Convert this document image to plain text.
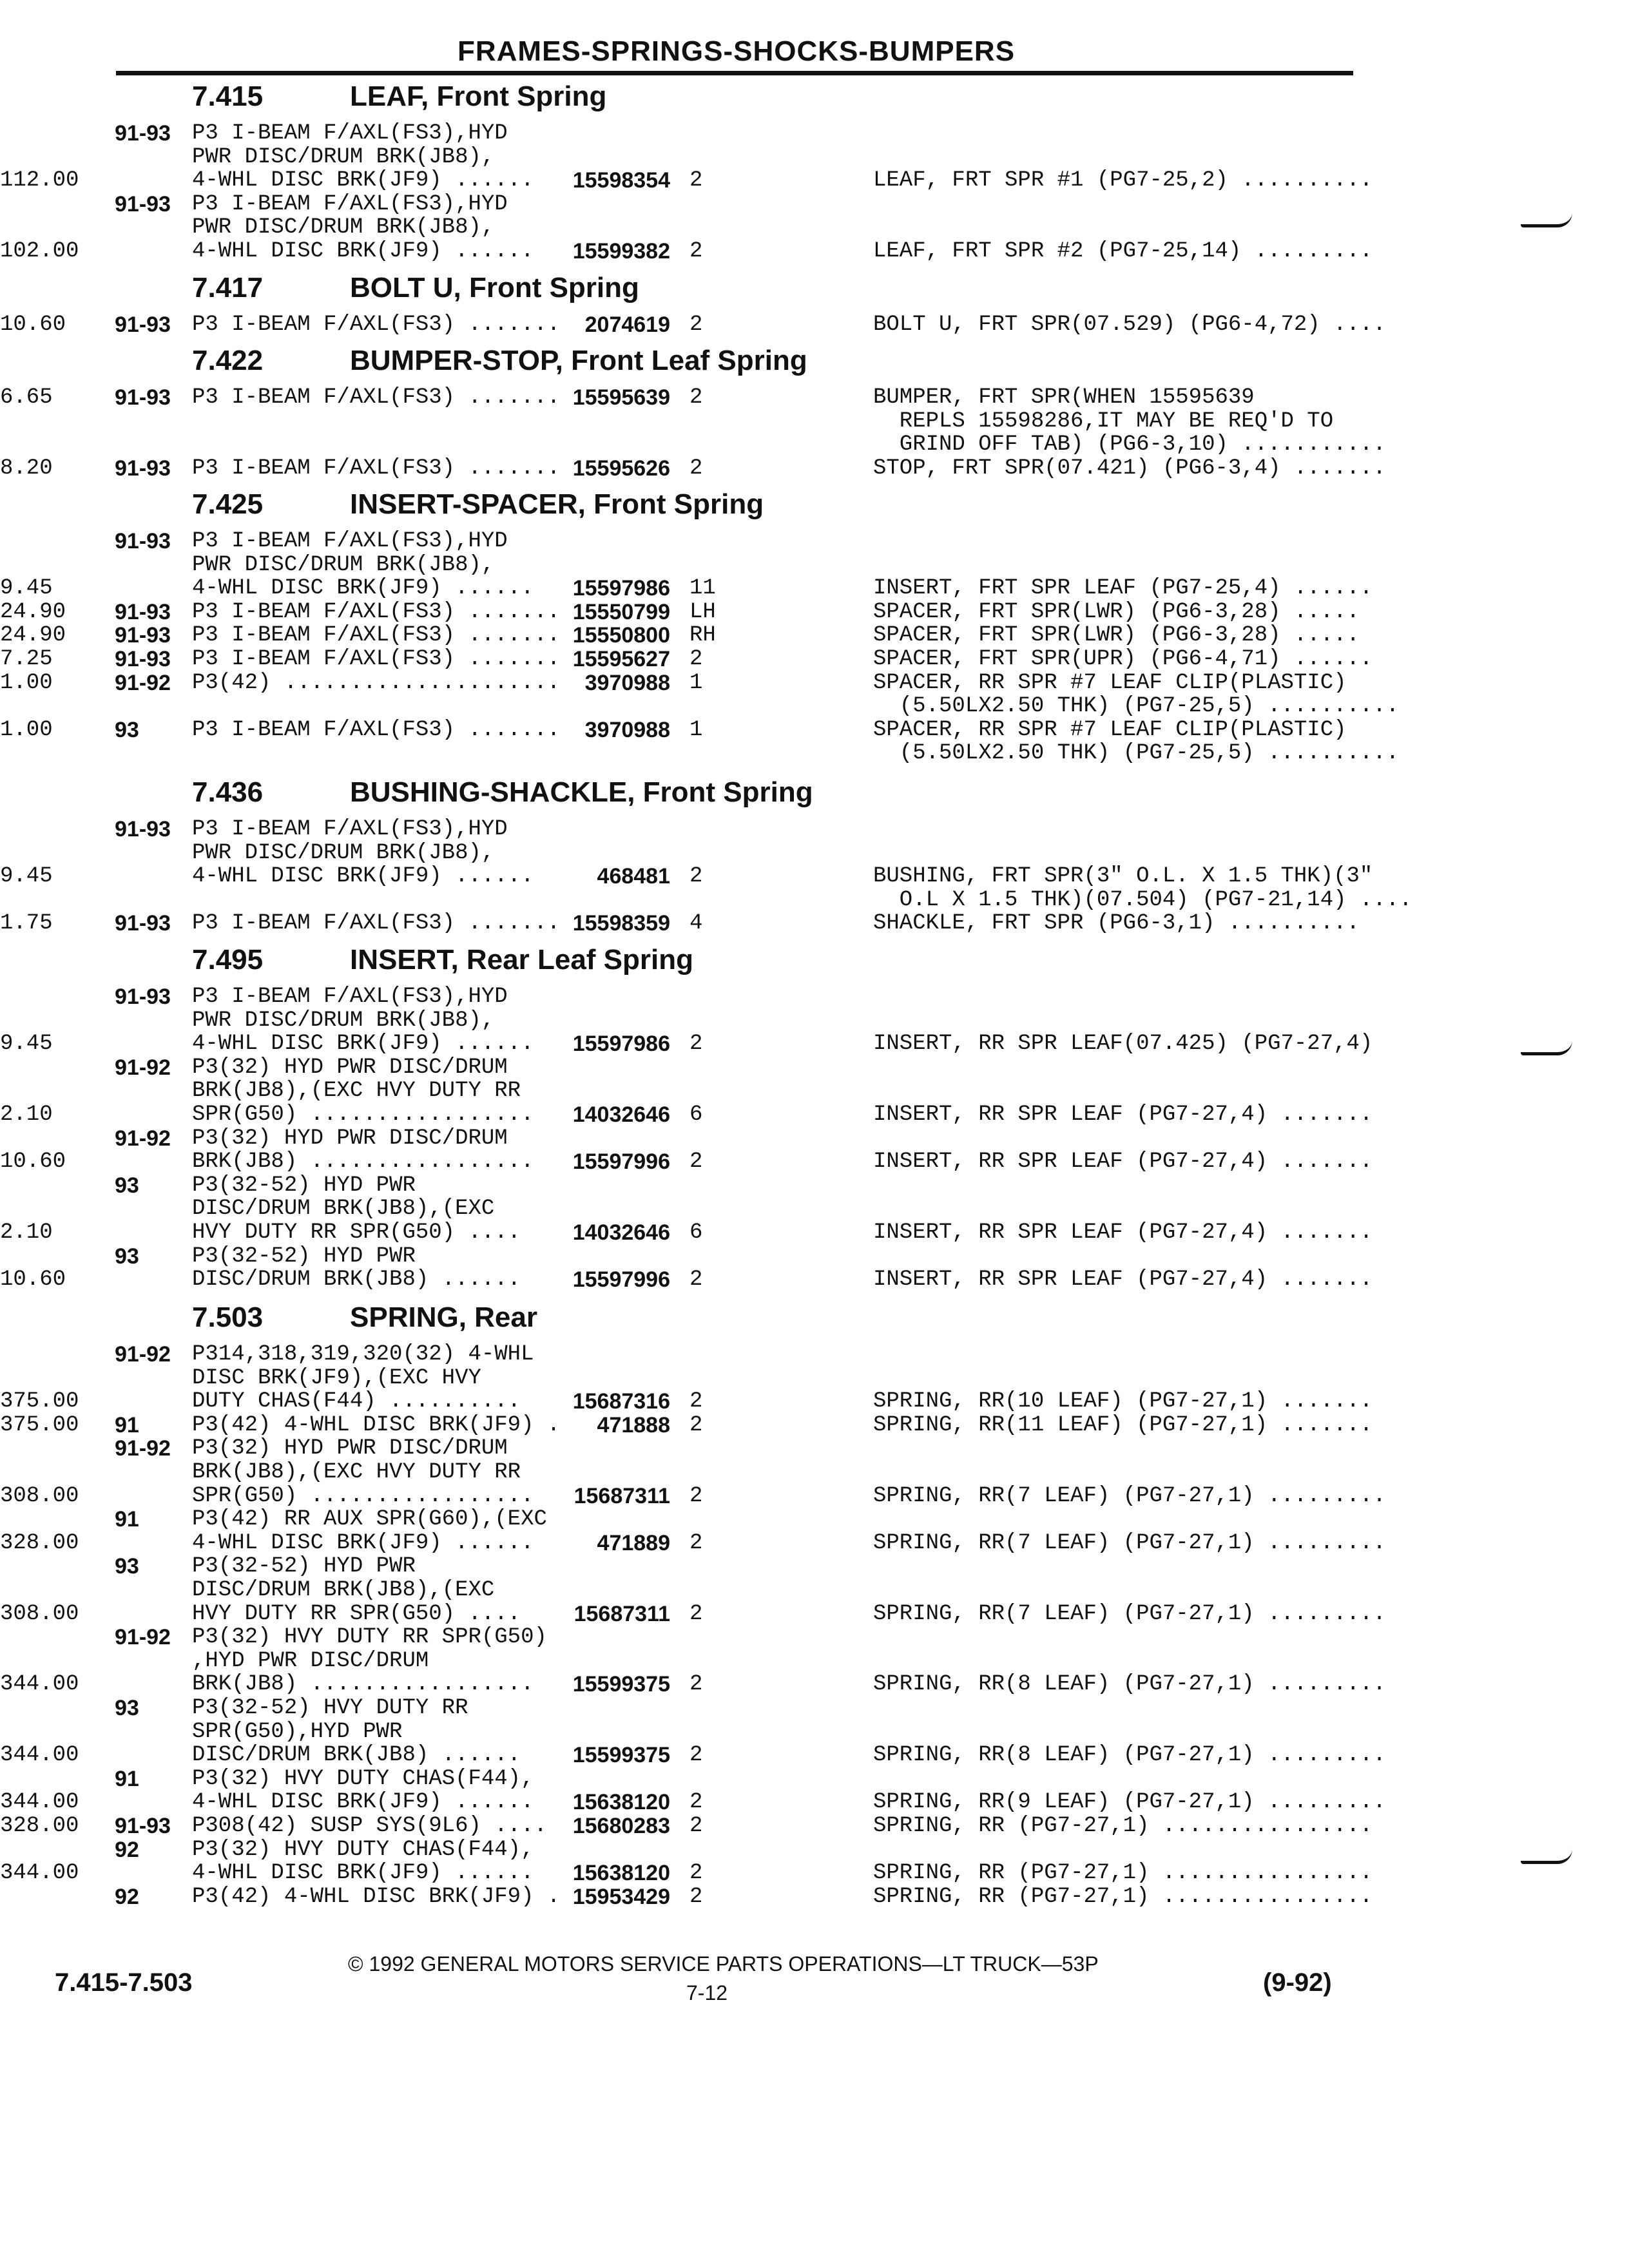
FRAMES-SPRINGS-SHOCKS-BUMPERS
7.415	LEAF, Front Spring
91-93 P3 I-BEAM F/AXL(FS3),HYD
PWR DISC/DRUM BRK(JB8),
4-WHL DISC BRK(JF9) ......	15598354 2
112.00	LEAF, FRT SPR #1 (PG7-25,2) ..........
91-93 P3 I-BEAM F/AXL(FS3),HYD
PWR DISC/DRUM BRK(JB8),
4-WHL DISC BRK(JF9) ......	15599382 2
102.00	LEAF, FRT SPR #2 (PG7-25,14) .........
7.417	BOLT U, Front Spring
91-93 P3 I-BEAM F/AXL(FS3) .......	2074619 2
10.60	BOLT U, FRT SPR(07.529) (PG6-4,72) ....
7.422	BUMPER-STOP, Front Leaf Spring
91-93 P3 I-BEAM F/AXL(FS3) ....... 15595639 2
6.65	BUMPER, FRT SPR(WHEN 15595639
REPLS 15598286,IT MAY BE REQ'D TO
GRIND OFF TAB) (PG6-3,10) ...........
91-93 P3 I-BEAM F/AXL(FS3) ....... 15595626 2
8.20	STOP, FRT SPR(07.421) (PG6-3,4) .......
7.425	INSERT-SPACER, Front Spring
91-93 P3 I-BEAM F/AXL(FS3),HYD
PWR DISC/DRUM BRK(JB8),
4-WHL DISC BRK(JF9) ......	15597986 11
9.45	INSERT, FRT SPR LEAF (PG7-25,4) ......
91-93 P3 I-BEAM F/AXL(FS3) ....... 15550799 LH
24.90	SPACER, FRT SPR(LWR) (PG6-3,28) .....
91-93 P3 I-BEAM F/AXL(FS3) ....... 15550800 RH
24.90	SPACER, FRT SPR(LWR) (PG6-3,28) .....
91-93 P3 I-BEAM F/AXL(FS3) ....... 15595627 2
7.25	SPACER, FRT SPR(UPR) (PG6-4,71) ......
91-92 P3(42) .....................	3970988 1
1.00	SPACER, RR SPR #7 LEAF CLIP(PLASTIC)
(5.50LX2.50 THK) (PG7-25,5) ..........
93 P3 I-BEAM F/AXL(FS3) .......	3970988 1
1.00	SPACER, RR SPR #7 LEAF CLIP(PLASTIC)
(5.50LX2.50 THK) (PG7-25,5) ..........
7.436	BUSHING-SHACKLE, Front Spring
91-93 P3 I-BEAM F/AXL(FS3),HYD
PWR DISC/DRUM BRK(JB8),
4-WHL DISC BRK(JF9) ......	468481 2
9.45	BUSHING, FRT SPR(3" O.L. X 1.5 THK)(3"
O.L X 1.5 THK)(07.504) (PG7-21,14) ....
91-93 P3 I-BEAM F/AXL(FS3) ....... 15598359 4
1.75	SHACKLE, FRT SPR (PG6-3,1) ..........
7.495	INSERT, Rear Leaf Spring
91-93 P3 I-BEAM F/AXL(FS3),HYD
PWR DISC/DRUM BRK(JB8),
4-WHL DISC BRK(JF9) ......	15597986 2
9.45	INSERT, RR SPR LEAF(07.425) (PG7-27,4)
91-92 P3(32) HYD PWR DISC/DRUM
BRK(JB8),(EXC HVY DUTY RR
SPR(G50) .................	14032646 6
2.10	INSERT, RR SPR LEAF (PG7-27,4) .......
91-92 P3(32) HYD PWR DISC/DRUM
BRK(JB8) .................	15597996 2
10.60	INSERT, RR SPR LEAF (PG7-27,4) .......
93 P3(32-52) HYD PWR
DISC/DRUM BRK(JB8),(EXC
HVY DUTY RR SPR(G50) ....	14032646 6
2.10	INSERT, RR SPR LEAF (PG7-27,4) .......
93 P3(32-52) HYD PWR
DISC/DRUM BRK(JB8) ......	15597996 2
10.60	INSERT, RR SPR LEAF (PG7-27,4) .......
7.503	SPRING, Rear
91-92 P314,318,319,320(32) 4-WHL
DISC BRK(JF9),(EXC HVY
DUTY CHAS(F44) ..........	15687316 2
375.00	SPRING, RR(10 LEAF) (PG7-27,1) .......
91 P3(42) 4-WHL DISC BRK(JF9) .	471888 2
375.00	SPRING, RR(11 LEAF) (PG7-27,1) .......
91-92 P3(32) HYD PWR DISC/DRUM
BRK(JB8),(EXC HVY DUTY RR
SPR(G50) .................	15687311 2
308.00	SPRING, RR(7 LEAF) (PG7-27,1) .........
91 P3(42) RR AUX SPR(G60),(EXC
4-WHL DISC BRK(JF9) ......	471889 2
328.00	SPRING, RR(7 LEAF) (PG7-27,1) .........
93 P3(32-52) HYD PWR
DISC/DRUM BRK(JB8),(EXC
HVY DUTY RR SPR(G50) ....	15687311 2
308.00	SPRING, RR(7 LEAF) (PG7-27,1) .........
91-92 P3(32) HVY DUTY RR SPR(G50)
,HYD PWR DISC/DRUM
BRK(JB8) .................	15599375 2
344.00	SPRING, RR(8 LEAF) (PG7-27,1) .........
93 P3(32-52) HVY DUTY RR
SPR(G50),HYD PWR
DISC/DRUM BRK(JB8) ......	15599375 2
344.00	SPRING, RR(8 LEAF) (PG7-27,1) .........
91 P3(32) HVY DUTY CHAS(F44),
4-WHL DISC BRK(JF9) ......	15638120 2
344.00	SPRING, RR(9 LEAF) (PG7-27,1) .........
91-93 P308(42) SUSP SYS(9L6) ....	15680283 2
328.00	SPRING, RR (PG7-27,1) ................
92 P3(32) HVY DUTY CHAS(F44),
4-WHL DISC BRK(JF9) ......	15638120 2
344.00	SPRING, RR (PG7-27,1) ................
92 P3(42) 4-WHL DISC BRK(JF9) . 15953429 2	SPRING, RR (PG7-27,1) ................
© 1992 GENERAL MOTORS SERVICE PARTS OPERATIONS—LT TRUCK—53P
7.415-7.503	7-12	(9-92)
